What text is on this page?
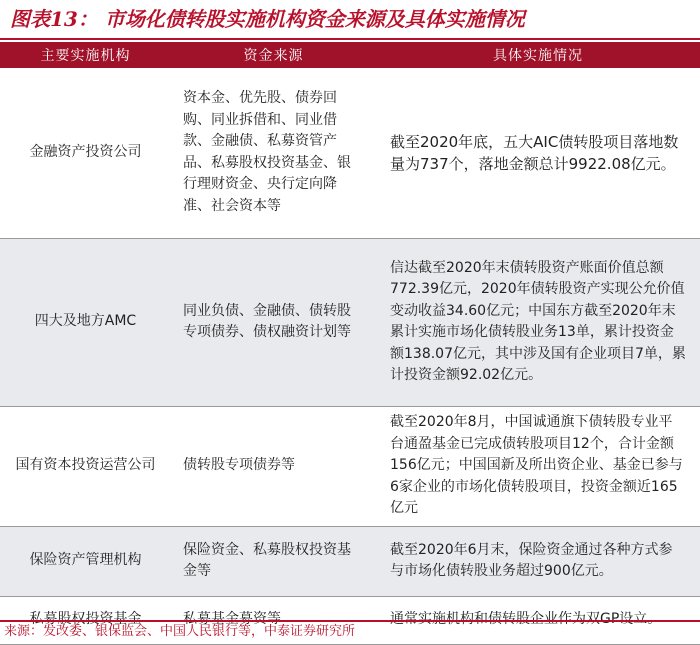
图表13： 市场化债转股实施机构资金来源及具体实施情况
主要实施机构	资金来源	具体实施情况
金融资产投资公司	资本金、优先股、债券回购、同业拆借和、同业借款、金融债、私募资管产品、私募股权投资基金、银行理财资金、央行定向降准、社会资本等	截至2020年底，五大AIC债转股项目落地数量为737个，落地金额总计9922.08亿元。
四大及地方AMC	同业负债、金融债、债转股专项债券、债权融资计划等	信达截至2020年末债转股资产账面价值总额772.39亿元，2020年债转股资产实现公允价值变动收益34.60亿元；中国东方截至2020年末累计实施市场化债转股业务13单，累计投资金额138.07亿元，其中涉及国有企业项目7单，累计投资金额92.02亿元。
国有资本投资运营公司	债转股专项债券等	截至2020年8月，中国诚通旗下债转股专业平台通盈基金已完成债转股项目12个，合计金额156亿元；中国国新及所出资企业、基金已参与6家企业的市场化债转股项目，投资金额近165亿元
保险资产管理机构	保险资金、私募股权投资基金等	截至2020年6月末，保险资金通过各种方式参与市场化债转股业务超过900亿元。
私募股权投资基金	私募基金募资等	通常实施机构和债转股企业作为双GP设立。
来源：发改委、银保监会、中国人民银行等，中泰证券研究所
